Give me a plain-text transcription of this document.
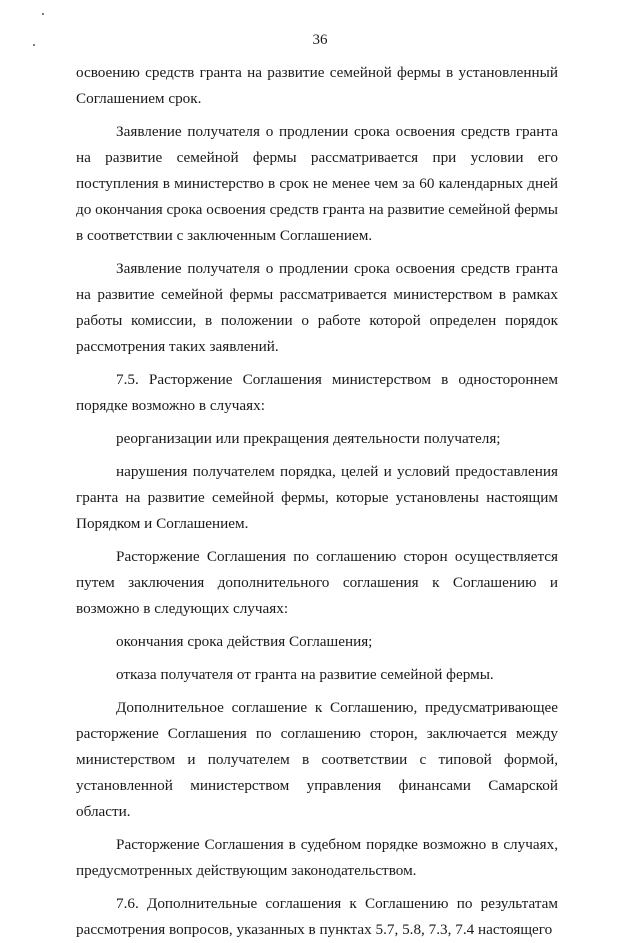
36

освоению средств гранта на развитие семейной фермы в установленный Соглашением срок.

Заявление получателя о продлении срока освоения средств гранта на развитие семейной фермы рассматривается при условии его поступления в министерство в срок не менее чем за 60 календарных дней до окончания срока освоения средств гранта на развитие семейной фермы в соответствии с заключенным Соглашением.

Заявление получателя о продлении срока освоения средств гранта на развитие семейной фермы рассматривается министерством в рамках работы комиссии, в положении о работе которой определен порядок рассмотрения таких заявлений.

7.5. Расторжение Соглашения министерством в одностороннем порядке возможно в случаях:

реорганизации или прекращения деятельности получателя;

нарушения получателем порядка, целей и условий предоставления гранта на развитие семейной фермы, которые установлены настоящим Порядком и Соглашением.

Расторжение Соглашения по соглашению сторон осуществляется путем заключения дополнительного соглашения к Соглашению и возможно в следующих случаях:

окончания срока действия Соглашения;

отказа получателя от гранта на развитие семейной фермы.

Дополнительное соглашение к Соглашению, предусматривающее расторжение Соглашения по соглашению сторон, заключается между министерством и получателем в соответствии с типовой формой, установленной министерством управления финансами Самарской области.

Расторжение Соглашения в судебном порядке возможно в случаях, предусмотренных действующим законодательством.

7.6. Дополнительные соглашения к Соглашению по результатам рассмотрения вопросов, указанных в пунктах 5.7, 5.8, 7.3, 7.4 настоящего
